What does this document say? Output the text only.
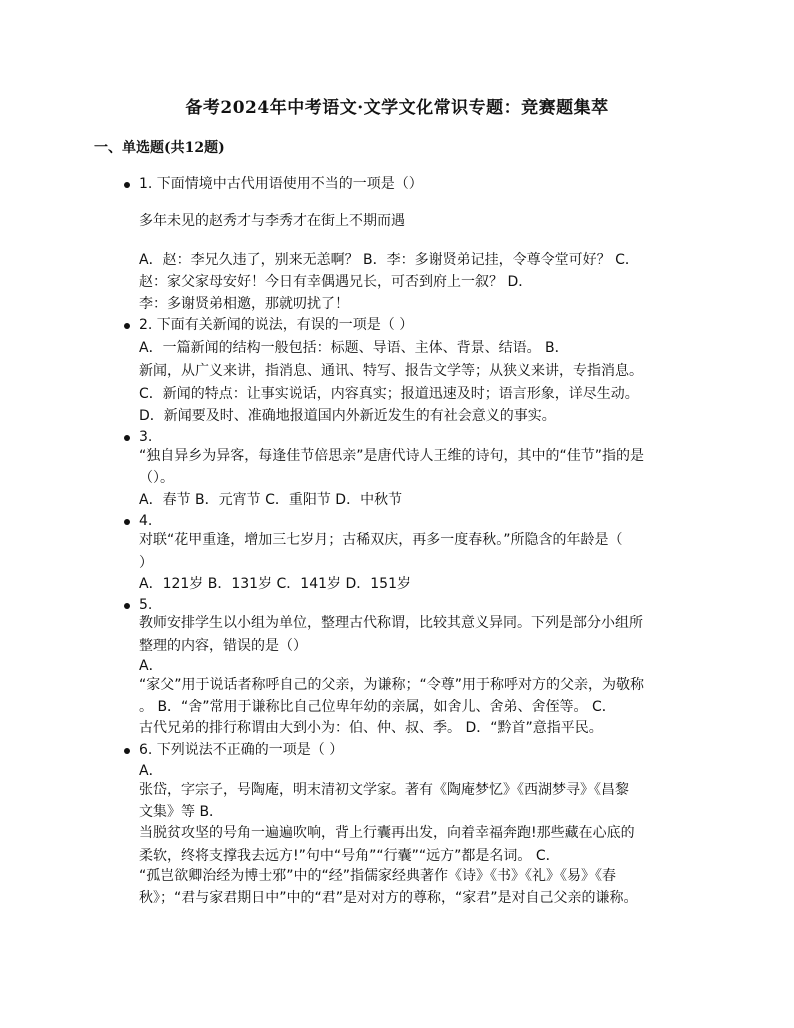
备考2024年中考语文·文学文化常识专题：竞赛题集萃
一、单选题(共12题)
1. 下面情境中古代用语使用不当的一项是（）
多年未见的赵秀才与李秀才在街上不期而遇
A．赵：李兄久违了，别来无恙啊？ B．李：多谢贤弟记挂，令尊令堂可好？ C．
赵：家父家母安好！今日有幸偶遇兄长，可否到府上一叙？ D．
李：多谢贤弟相邀，那就叨扰了！
2. 下面有关新闻的说法，有误的一项是（ ）
A．一篇新闻的结构一般包括：标题、导语、主体、背景、结语。 B．
新闻，从广义来讲，指消息、通讯、特写、报告文学等；从狭义来讲，专指消息。
C．新闻的特点：让事实说话，内容真实；报道迅速及时；语言形象，详尽生动。
D．新闻要及时、准确地报道国内外新近发生的有社会意义的事实。
3.
“独自异乡为异客，每逢佳节倍思亲”是唐代诗人王维的诗句，其中的“佳节”指的是
（）。
A．春节 B．元宵节 C．重阳节 D．中秋节
4.
对联“花甲重逢，增加三七岁月；古稀双庆，再多一度春秋。”所隐含的年龄是（
）
A．121岁 B．131岁 C．141岁 D．151岁
5.
教师安排学生以小组为单位，整理古代称谓，比较其意义异同。下列是部分小组所
整理的内容，错误的是（）
A．
“家父”用于说话者称呼自己的父亲，为谦称；“令尊”用于称呼对方的父亲，为敬称
。 B．“舍”常用于谦称比自己位卑年幼的亲属，如舍儿、舍弟、舍侄等。 C．
古代兄弟的排行称谓由大到小为：伯、仲、叔、季。 D．“黔首”意指平民。
6. 下列说法不正确的一项是（ ）
A．
张岱，字宗子，号陶庵，明末清初文学家。著有《陶庵梦忆》《西湖梦寻》《昌黎
文集》等 B．
当脱贫攻坚的号角一遍遍吹响，背上行囊再出发，向着幸福奔跑!那些藏在心底的
柔软，终将支撑我去远方!”句中“号角”“行囊”“远方”都是名词。 C．
“孤岂欲卿治经为博士邪”中的“经”指儒家经典著作《诗》《书》《礼》《易》《春
秋》；“君与家君期日中”中的“君”是对对方的尊称，“家君”是对自己父亲的谦称。
